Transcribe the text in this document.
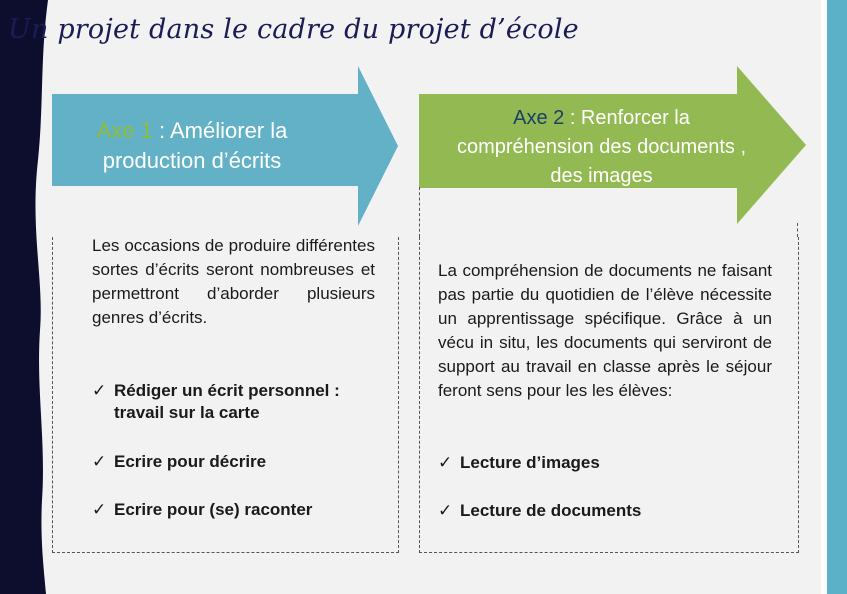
Un projet dans le cadre du projet d’école
Axe 1 : Améliorer la
production d’écrits
Axe 2 : Renforcer la
compréhension des documents ,
des images

Les occasions de produire différentes sortes d’écrits seront nombreuses et permettront d’aborder plusieurs genres d’écrits.

✓ Rédiger un écrit personnel : travail sur la carte

✓ Ecrire pour décrire

✓ Ecrire pour (se) raconter

La compréhension de documents ne faisant pas partie du quotidien de l’élève nécessite un apprentissage spécifique. Grâce à un vécu in situ, les documents qui serviront de support au travail en classe après le séjour feront sens pour les les élèves:

✓ Lecture d’images

✓ Lecture de documents
